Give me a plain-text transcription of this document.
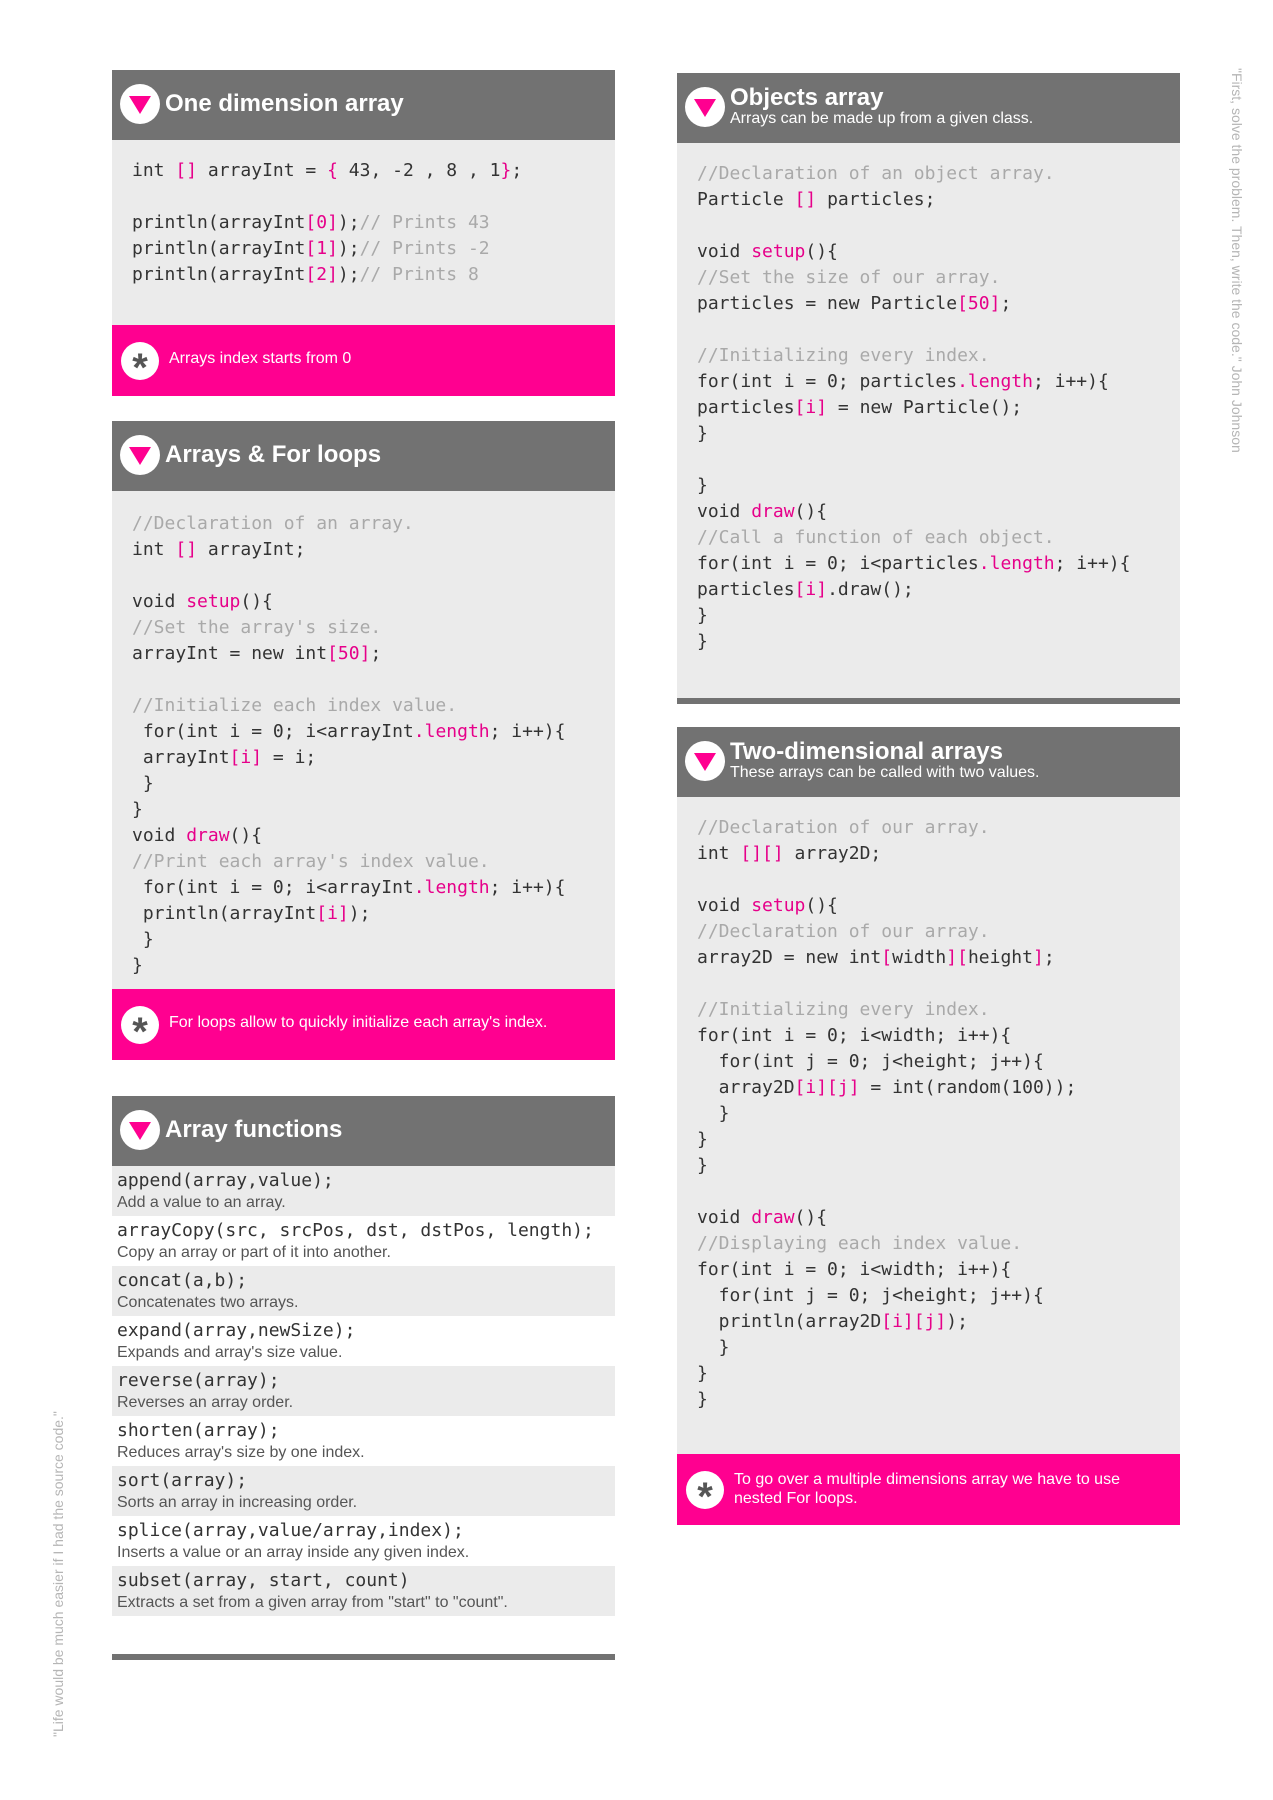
One dimension array
int [] arrayInt = { 43, -2 , 8 , 1};
println(arrayInt[0]);// Prints 43
println(arrayInt[1]);// Prints -2
println(arrayInt[2]);// Prints 8
*	Arrays index starts from 0
Arrays & For loops
//Declaration of an array.
int [] arrayInt;
void setup(){
//Set the array's size.
arrayInt = new int[50];
//Initialize each index value.
for(int i = 0; i<arrayInt.length; i++){
arrayInt[i] = i;
}
}
void draw(){
//Print each array's index value.
for(int i = 0; i<arrayInt.length; i++){
println(arrayInt[i]);
}
}
*	For loops allow to quickly initialize each array's index.
Array functions
append(array,value);
Add a value to an array.
arrayCopy(src, srcPos, dst, dstPos, length);
Copy an array or part of it into another.
concat(a,b);
Concatenates two arrays.
expand(array,newSize);
Expands and array's size value.
reverse(array);
Reverses an array order.
shorten(array);
Reduces array's size by one index.
sort(array);
Sorts an array in increasing order.
splice(array,value/array,index);
Inserts a value or an array inside any given index.
subset(array, start, count)
Extracts a set from a given array from "start" to "count".
Objects array
Arrays can be made up from a given class.
//Declaration of an object array.
Particle [] particles;
void setup(){
//Set the size of our array.
particles = new Particle[50];
//Initializing every index.
for(int i = 0; particles.length; i++){
particles[i] = new Particle();
}
}
void draw(){
//Call a function of each object.
for(int i = 0; i<particles.length; i++){
particles[i].draw();
}
}
Two-dimensional arrays
These arrays can be called with two values.
//Declaration of our array.
int [][] array2D;
void setup(){
//Declaration of our array.
array2D = new int[width][height];
//Initializing every index.
for(int i = 0; i<width; i++){
for(int j = 0; j<height; j++){
array2D[i][j] = int(random(100));
}
}
}
void draw(){
//Displaying each index value.
for(int i = 0; i<width; i++){
for(int j = 0; j<height; j++){
println(array2D[i][j]);
}
}
}
*	To go over a multiple dimensions array we have to use nested For loops.
"Life would be much easier if I had the source code."
"First, solve the problem. Then, write the code." John Johnson
